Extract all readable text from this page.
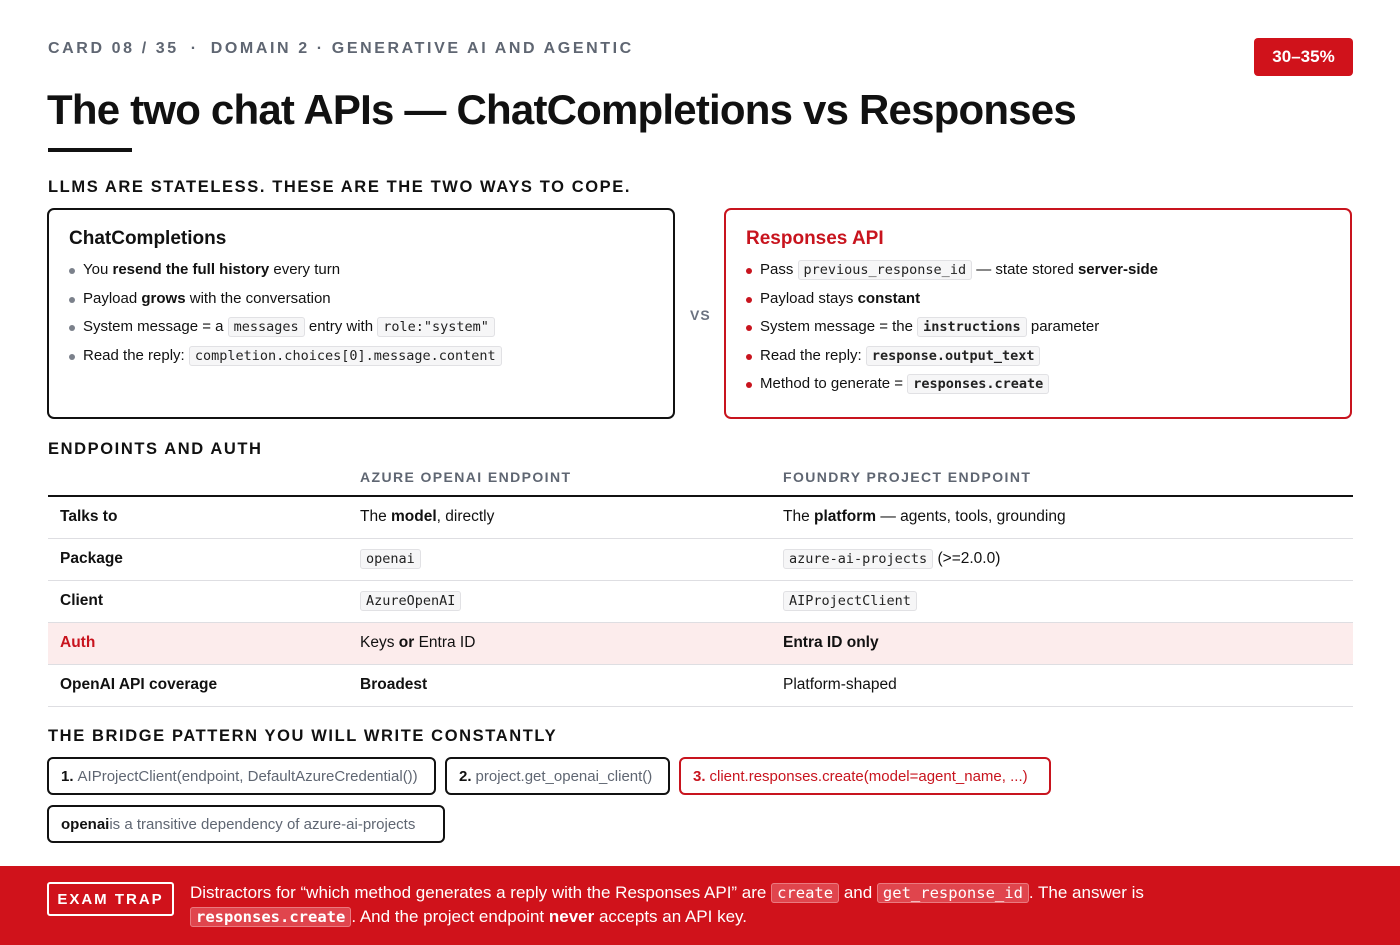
CARD 08 / 35 · DOMAIN 2 · GENERATIVE AI AND AGENTIC	30–35%
The two chat APIs — ChatCompletions vs Responses
LLMS ARE STATELESS. THESE ARE THE TWO WAYS TO COPE.
ChatCompletions
You resend the full history every turn
Payload grows with the conversation
System message = a messages entry with role:"system"
Read the reply: completion.choices[0].message.content
VS
Responses API
Pass previous_response_id — state stored server-side
Payload stays constant
System message = the instructions parameter
Read the reply: response.output_text
Method to generate = responses.create
ENDPOINTS AND AUTH
	AZURE OPENAI ENDPOINT	FOUNDRY PROJECT ENDPOINT
Talks to	The model, directly	The platform — agents, tools, grounding
Package	openai	azure-ai-projects (>=2.0.0)
Client	AzureOpenAI	AIProjectClient
Auth	Keys or Entra ID	Entra ID only
OpenAI API coverage	Broadest	Platform-shaped
THE BRIDGE PATTERN YOU WILL WRITE CONSTANTLY
1. AIProjectClient(endpoint, DefaultAzureCredential())	2. project.get_openai_client()	3. client.responses.create(model=agent_name, ...)
openai is a transitive dependency of azure-ai-projects
EXAM TRAP	Distractors for “which method generates a reply with the Responses API” are create and get_response_id . The answer is responses.create . And the project endpoint never accepts an API key.
